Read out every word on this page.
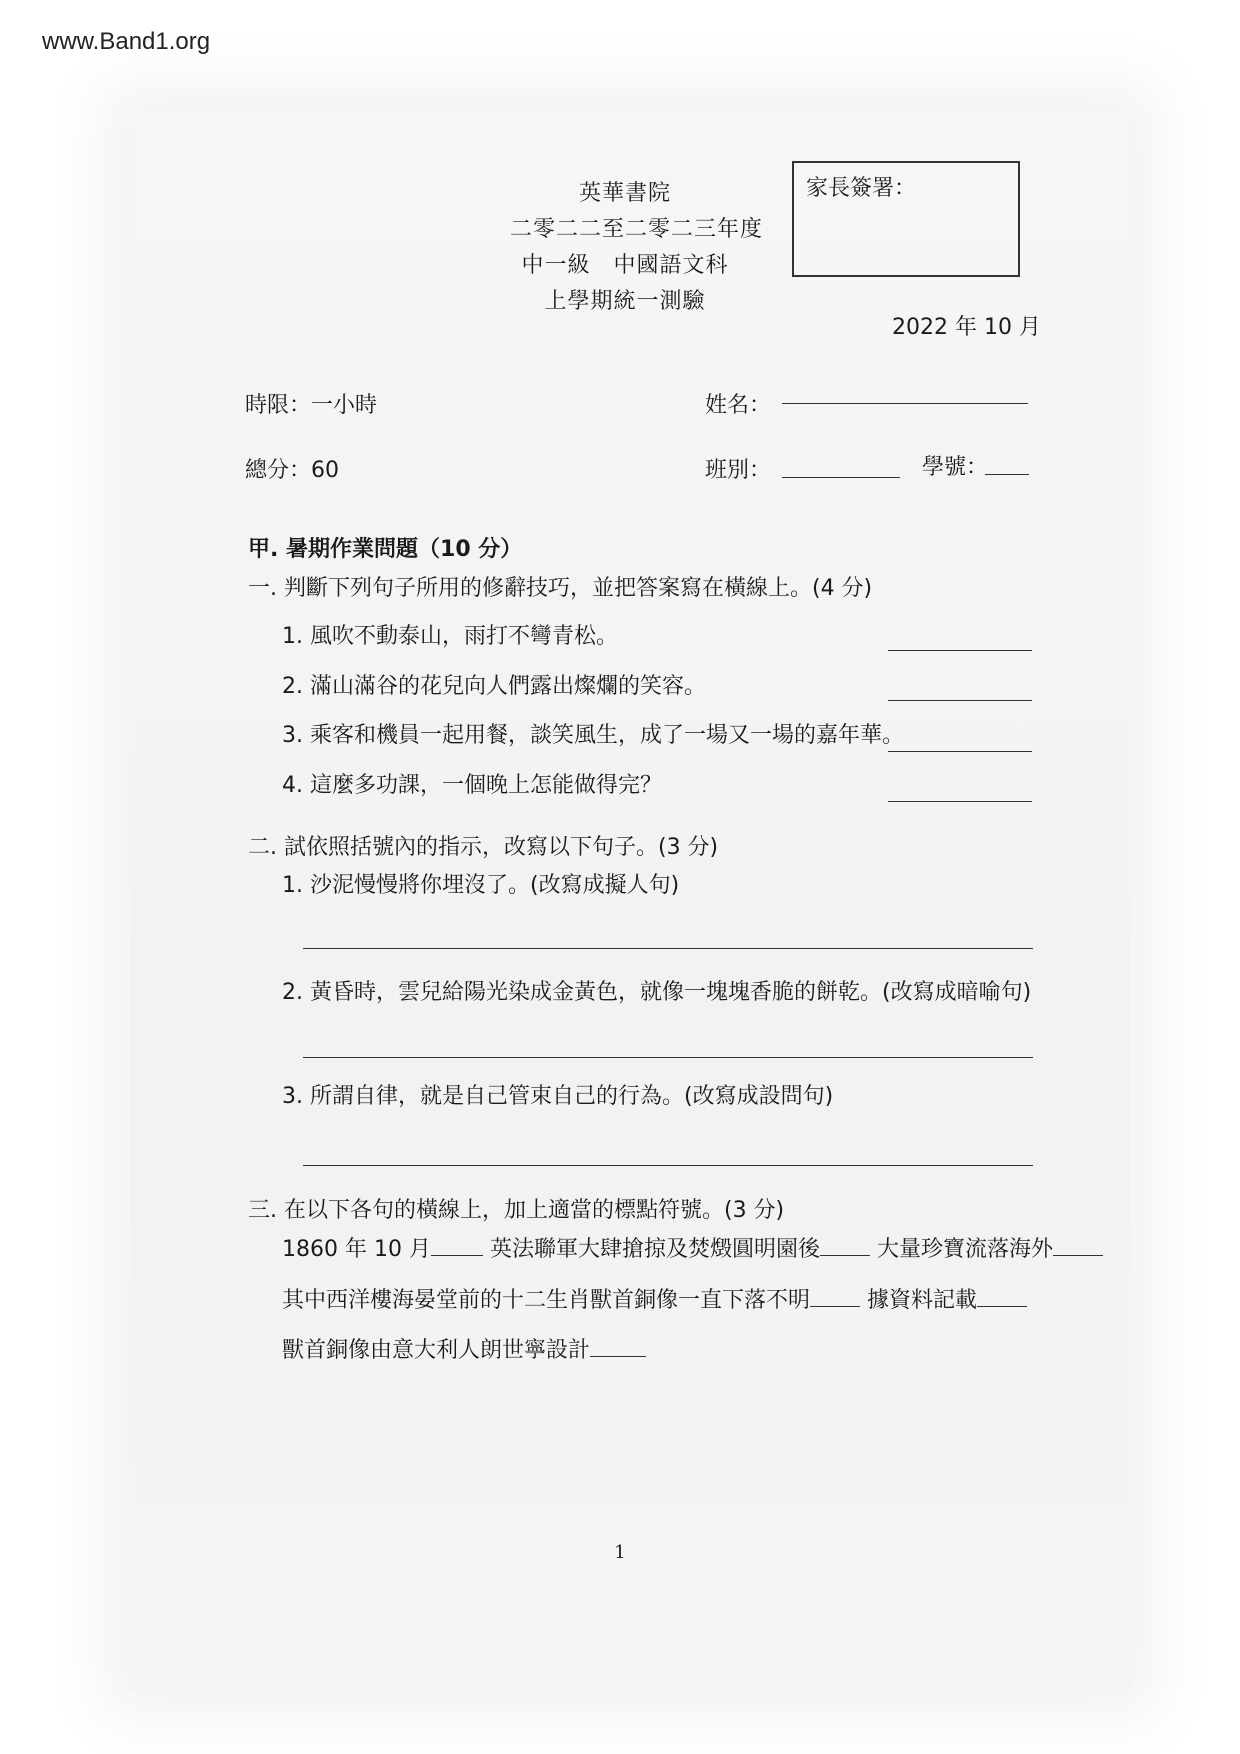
www.Band1.org
英華書院
二零二二至二零二三年度
中一級　中國語文科
上學期統一測驗
家長簽署：
2022 年 10 月
時限：一小時
總分：60
姓名：
班別：	學號：
甲. 暑期作業問題（10 分）
一. 判斷下列句子所用的修辭技巧，並把答案寫在橫線上。(4 分)
1. 風吹不動泰山，雨打不彎青松。
2. 滿山滿谷的花兒向人們露出燦爛的笑容。
3. 乘客和機員一起用餐，談笑風生，成了一場又一場的嘉年華。
4. 這麼多功課，一個晚上怎能做得完？
二. 試依照括號內的指示，改寫以下句子。(3 分)
1. 沙泥慢慢將你埋沒了。(改寫成擬人句)
2. 黃昏時，雲兒給陽光染成金黃色，就像一塊塊香脆的餅乾。(改寫成暗喻句)
3. 所謂自律，就是自己管束自己的行為。(改寫成設問句)
三. 在以下各句的橫線上，加上適當的標點符號。(3 分)
1860 年 10 月	英法聯軍大肆搶掠及焚燬圓明園後	大量珍寶流落海外
其中西洋樓海晏堂前的十二生肖獸首銅像一直下落不明	據資料記載
獸首銅像由意大利人朗世寧設計
1
